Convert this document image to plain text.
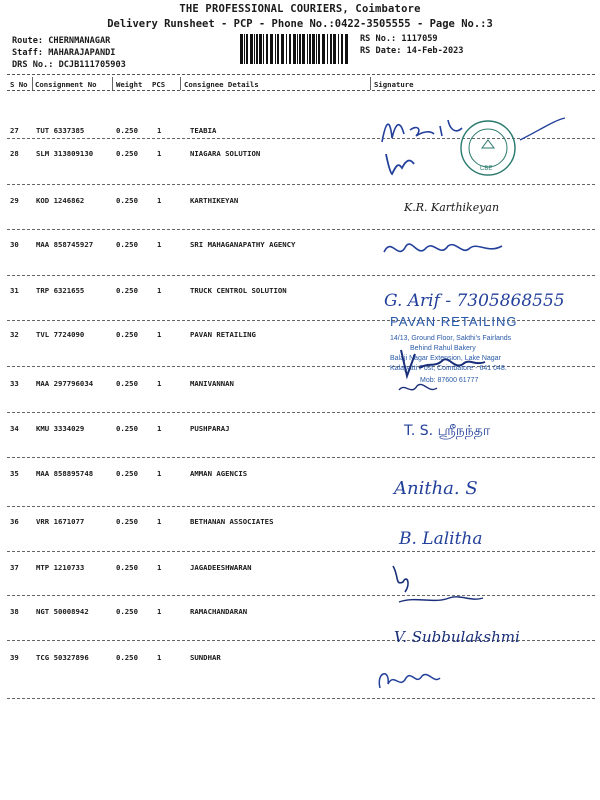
THE PROFESSIONAL COURIERS, Coimbatore
Delivery Runsheet - PCP - Phone No.:0422-3505555 - Page No.:3
Route: CHERNMANAGAR
Staff: MAHARAJAPANDI
DRS No.: DCJB111705903
RS No.: 1117059
RS Date: 14-Feb-2023
S No Consignment No	Weight PCS	Consignee Details	Signature
27 TUT 6337385	0.250	1	TEABIA
28 SLM 313809130	0.250	1	NIAGARA SOLUTION
29 KOD 1246862	0.250	1	KARTHIKEYAN
30 MAA 858745927	0.250	1	SRI MAHAGANAPATHY AGENCY
31 TRP 6321655	0.250	1	TRUCK CENTROL SOLUTION
32 TVL 7724090	0.250	1	PAVAN RETAILING
33 MAA 297796034	0.250	1	MANIVANNAN
34 KMU 3334029	0.250	1	PUSHPARAJ
35 MAA 858895748	0.250	1	AMMAN AGENCIS
36 VRR 1671077	0.250	1	BETHANAN ASSOCIATES
37 MTP 1210733	0.250	1	JAGADEESHWARAN
38 NGT 50008942	0.250	1	RAMACHANDARAN
39 TCG 50327896	0.250	1	SUNDHAR
CBE
K.R. Karthikeyan
G. Arif - 7305868555
PAVAN RETAILING
14/13, Ground Floor, Sakthi's Fairlands
Behind Rahul Bakery
Balaji Nagar Extension, Lake Nagar
Kalapatti Post, Coimbatore - 641 048.
Mob: 87600 61777
T. S. ஸ்ரீநந்தா
Anitha. S
B. Lalitha
V. Subbulakshmi
